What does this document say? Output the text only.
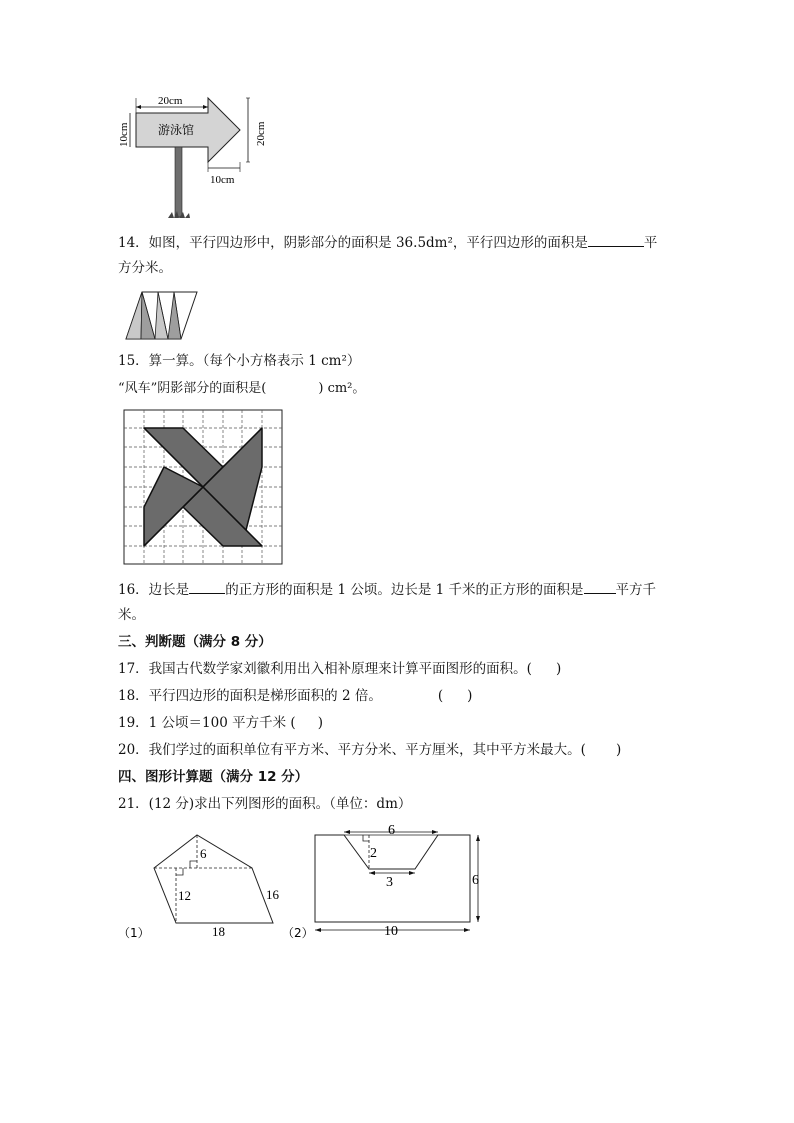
20cm
游泳馆
10cm	20cm
10cm
14．如图，平行四边形中，阴影部分的面积是 36.5dm²，平行四边形的面积是	平
方分米。
15．算一算。（每个小方格表示 1 cm²）
“风车”阴影部分的面积是(	) cm²。
16．边长是	的正方形的面积是 1 公顷。边长是 1 千米的正方形的面积是 平方千
米。
三、判断题（满分 8 分）
17．我国古代数学家刘徽利用出入相补原理来计算平面图形的面积。( )
18．平行四边形的面积是梯形面积的 2 倍。	( )
19．1 公顷＝100 平方千米 ( )
20．我们学过的面积单位有平方米、平方分米、平方厘米，其中平方米最大。( )
四、图形计算题（满分 12 分）
21．(12 分)求出下列图形的面积。（单位：dm）
6
12	16
18
（1）
6
2
3	6
10
（2）
